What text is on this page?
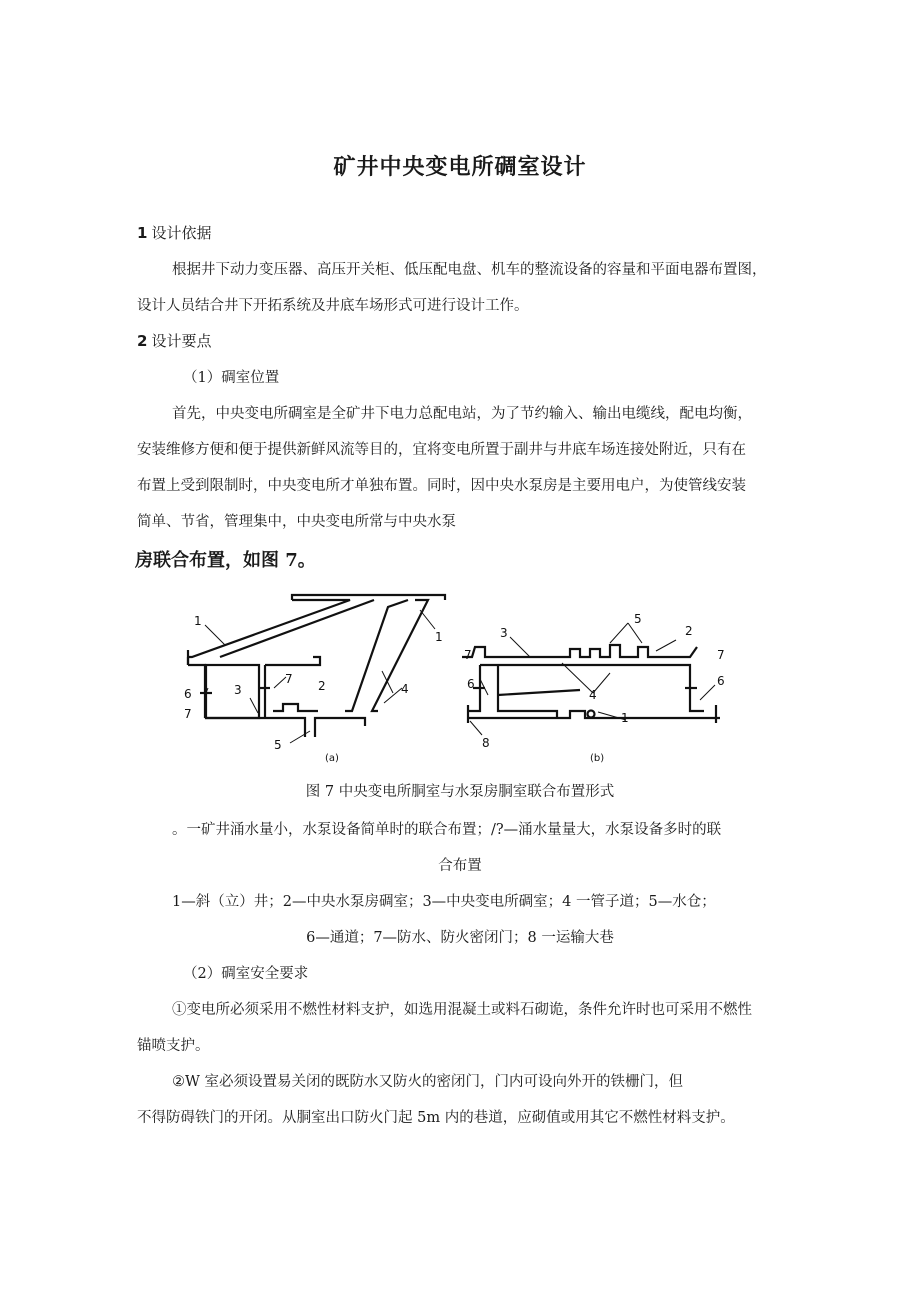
矿井中央变电所碉室设计
1 设计依据
根据井下动力变压器、高压开关柜、低压配电盘、机车的整流设备的容量和平面电器布置图，
设计人员结合井下开拓系统及井底车场形式可进行设计工作。
2 设计要点
（1）碉室位置
首先，中央变电所碉室是全矿井下电力总配电站，为了节约输入、输出电缆线，配电均衡，
安装维修方便和便于提供新鲜风流等目的，宜将变电所置于副井与井底车场连接处附近，只有在
布置上受到限制时，中央变电所才单独布置。同时，因中央水泵房是主要用电户，为使管线安装
简单、节省，管理集中，中央变电所常与中央水泵
房联合布置，如图 7。
1
1
2
3	4
5
6
7
7
1
2
3
4
5
6	6
7	7
8
(a)	(b)
图 7 中央变电所胴室与水泵房胴室联合布置形式
。一矿井涌水量小，水泵设备简单时的联合布置；/?—涌水量量大，水泵设备多时的联
合布置
1—斜（立）井；2—中央水泵房碉室；3—中央变电所碉室；4 一管子道；5—水仓；
6—通道；7—防水、防火密闭门；8 一运输大巷
（2）碉室安全要求
①变电所必须采用不燃性材料支护，如选用混凝土或料石砌诡，条件允许时也可采用不燃性
锚喷支护。
②W 室必须设置易关闭的既防水又防火的密闭门，门内可设向外开的铁栅门，但
不得防碍铁门的开闭。从胴室出口防火门起 5m 内的巷道，应砌值或用其它不燃性材料支护。
